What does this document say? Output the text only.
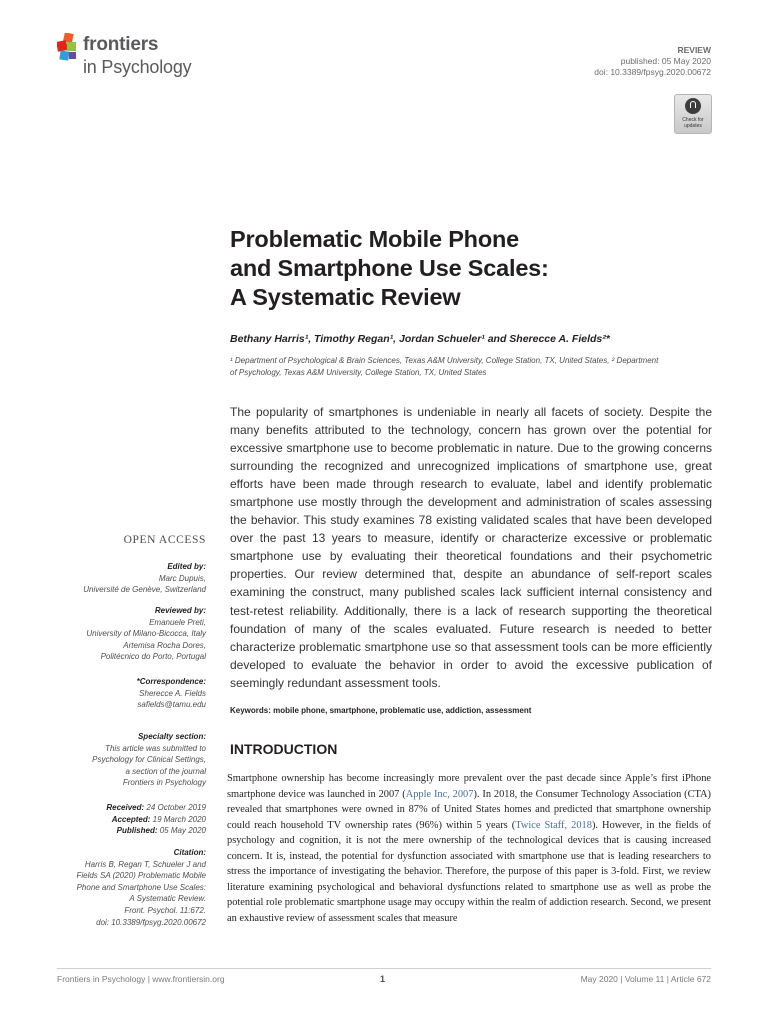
frontiers
in Psychology
REVIEW
published: 05 May 2020
doi: 10.3389/fpsyg.2020.00672
Check for
updates
Problematic Mobile Phone
and Smartphone Use Scales:
A Systematic Review
Bethany Harris¹, Timothy Regan¹, Jordan Schueler¹ and Sherecce A. Fields²*
¹ Department of Psychological & Brain Sciences, Texas A&M University, College Station, TX, United States, ² Department
of Psychology, Texas A&M University, College Station, TX, United States
The popularity of smartphones is undeniable in nearly all facets of society. Despite the many benefits attributed to the technology, concern has grown over the potential for excessive smartphone use to become problematic in nature. Due to the growing concerns surrounding the recognized and unrecognized implications of smartphone use, great efforts have been made through research to evaluate, label and identify problematic smartphone use mostly through the development and administration of scales assessing the behavior. This study examines 78 existing validated scales that have been developed over the past 13 years to measure, identify or characterize excessive or problematic smartphone use by evaluating their theoretical foundations and their psychometric properties. Our review determined that, despite an abundance of self-report scales examining the construct, many published scales lack sufficient internal consistency and test-retest reliability. Additionally, there is a lack of research supporting the theoretical foundation of many of the scales evaluated. Future research is needed to better characterize problematic smartphone use so that assessment tools can be more efficiently developed to evaluate the behavior in order to avoid the excessive publication of seemingly redundant assessment tools.
Keywords: mobile phone, smartphone, problematic use, addiction, assessment
INTRODUCTION
Smartphone ownership has become increasingly more prevalent over the past decade since Apple’s first iPhone smartphone device was launched in 2007 (Apple Inc, 2007). In 2018, the Consumer Technology Association (CTA) revealed that smartphones were owned in 87% of United States homes and predicted that smartphone ownership could reach household TV ownership rates (96%) within 5 years (Twice Staff, 2018). However, in the fields of psychology and cognition, it is not the mere ownership of the technological devices that is causing increased concern. It is, instead, the potential for dysfunction associated with smartphone use that is leading researchers to stress the importance of investigating the behavior. Therefore, the purpose of this paper is 3-fold. First, we review literature examining psychological and behavioral dysfunctions related to smartphone use as well as probe the potential role problematic smartphone usage may occupy within the realm of addiction research. Second, we present an exhaustive review of assessment scales that measure
OPEN ACCESS
Edited by:
Marc Dupuis,
Université de Genève, Switzerland
Reviewed by:
Emanuele Preti,
University of Milano-Bicocca, Italy
Artemisa Rocha Dores,
Politécnico do Porto, Portugal
*Correspondence:
Sherecce A. Fields
safields@tamu.edu
Specialty section:
This article was submitted to
Psychology for Clinical Settings,
a section of the journal
Frontiers in Psychology
Received: 24 October 2019
Accepted: 19 March 2020
Published: 05 May 2020
Citation:
Harris B, Regan T, Schueler J and
Fields SA (2020) Problematic Mobile
Phone and Smartphone Use Scales:
A Systematic Review.
Front. Psychol. 11:672.
doi: 10.3389/fpsyg.2020.00672
Frontiers in Psychology | www.frontiersin.org	1	May 2020 | Volume 11 | Article 672
